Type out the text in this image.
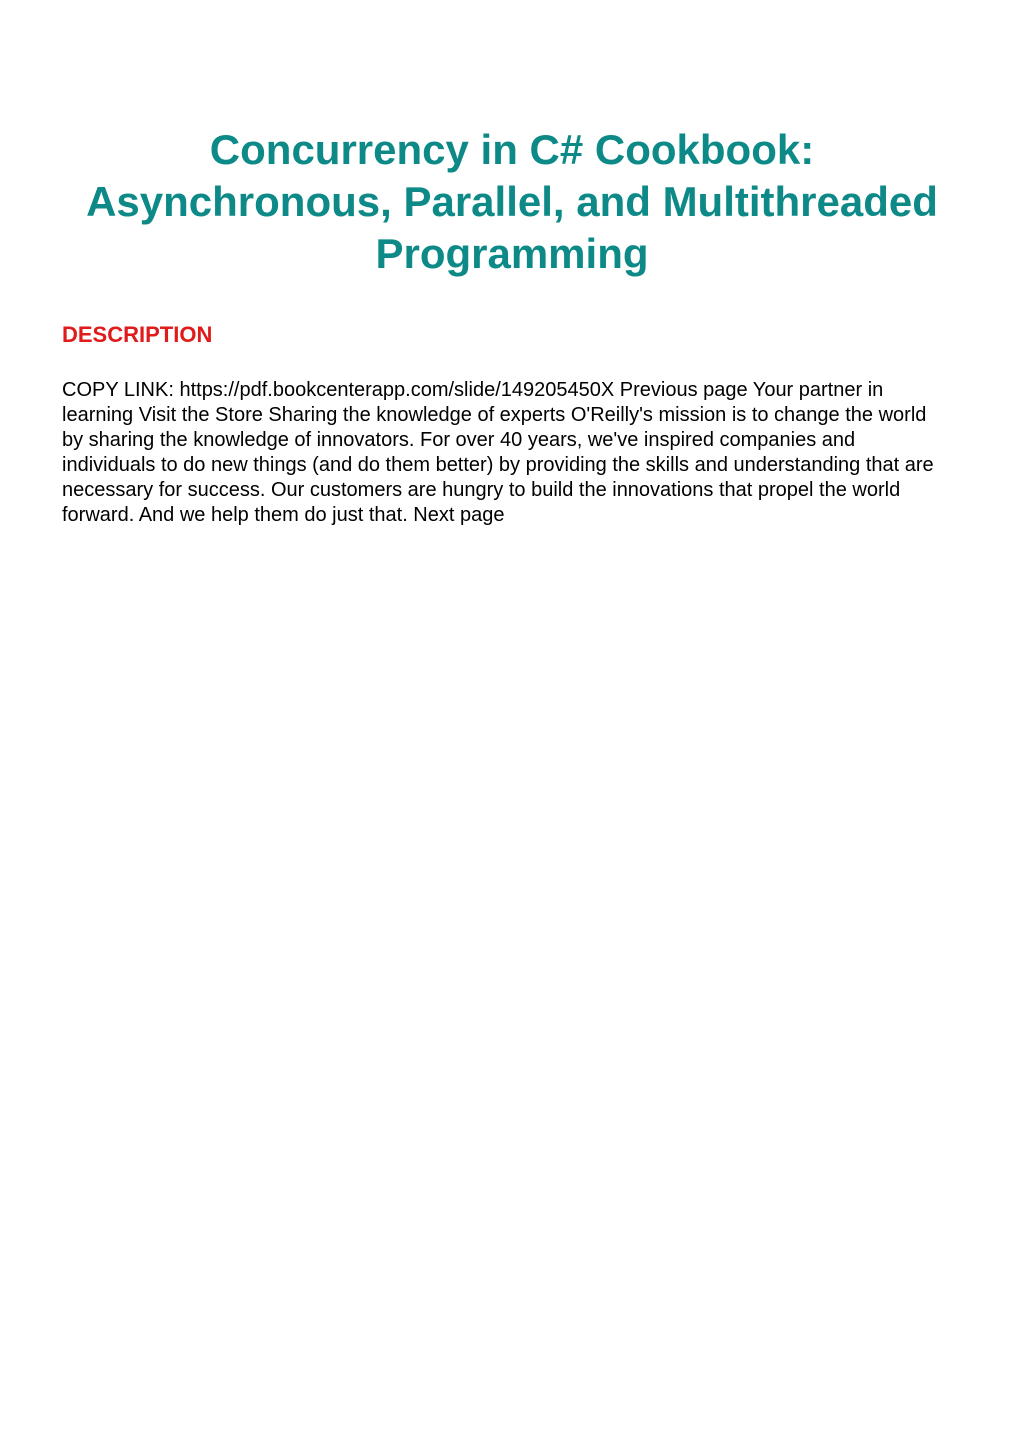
Concurrency in C# Cookbook:
Asynchronous, Parallel, and Multithreaded
Programming
DESCRIPTION
COPY LINK: https://pdf.bookcenterapp.com/slide/149205450X Previous page Your partner in
learning Visit the Store Sharing the knowledge of experts O'Reilly's mission is to change the world
by sharing the knowledge of innovators. For over 40 years, we've inspired companies and
individuals to do new things (and do them better) by providing the skills and understanding that are
necessary for success. Our customers are hungry to build the innovations that propel the world
forward. And we help them do just that. Next page
